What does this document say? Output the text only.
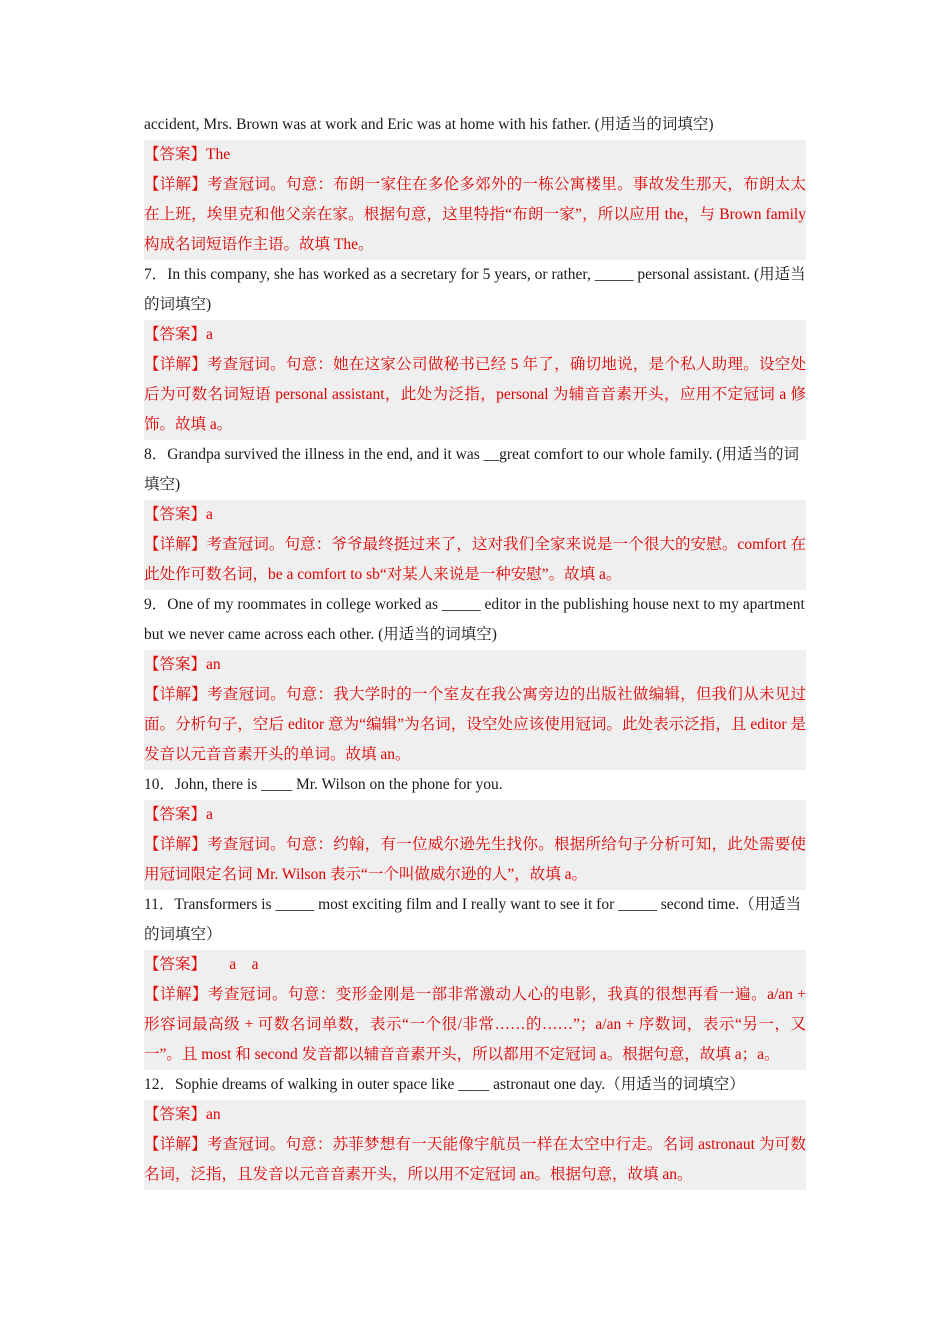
accident, Mrs. Brown was at work and Eric was at home with his father. (用适当的词填空)
【答案】The
【详解】考查冠词。句意：布朗一家住在多伦多郊外的一栋公寓楼里。事故发生那天，布朗太太在上班，埃里克和他父亲在家。根据句意，这里特指“布朗一家”，所以应用 the，与 Brown family 构成名词短语作主语。故填 The。
7．In this company, she has worked as a secretary for 5 years, or rather, _____ personal assistant. (用适当的词填空)
【答案】a
【详解】考查冠词。句意：她在这家公司做秘书已经 5 年了，确切地说，是个私人助理。设空处后为可数名词短语 personal assistant，此处为泛指，personal 为辅音音素开头，应用不定冠词 a 修饰。故填 a。
8．Grandpa survived the illness in the end, and it was __great comfort to our whole family. (用适当的词填空)
【答案】a
【详解】考查冠词。句意：爷爷最终挺过来了，这对我们全家来说是一个很大的安慰。comfort 在此处作可数名词，be a comfort to sb“对某人来说是一种安慰”。故填 a。
9．One of my roommates in college worked as _____ editor in the publishing house next to my apartment but we never came across each other. (用适当的词填空)
【答案】an
【详解】考查冠词。句意：我大学时的一个室友在我公寓旁边的出版社做编辑，但我们从未见过面。分析句子，空后 editor 意为“编辑”为名词，设空处应该使用冠词。此处表示泛指，且 editor 是发音以元音音素开头的单词。故填 an。
10．John, there is ____ Mr. Wilson on the phone for you.
【答案】a
【详解】考查冠词。句意：约翰，有一位威尔逊先生找你。根据所给句子分析可知，此处需要使用冠词限定名词 Mr. Wilson 表示“一个叫做威尔逊的人”，故填 a。
11．Transformers is _____ most exciting film and I really want to see it for _____ second time.（用适当的词填空）
【答案】　　a　a
【详解】考查冠词。句意：变形金刚是一部非常激动人心的电影，我真的很想再看一遍。a/an + 形容词最高级 + 可数名词单数，表示“一个很/非常……的……”；a/an + 序数词，表示“另一，又一”。且 most 和 second 发音都以辅音音素开头，所以都用不定冠词 a。根据句意，故填 a；a。
12．Sophie dreams of walking in outer space like ____ astronaut one day.（用适当的词填空）
【答案】an
【详解】考查冠词。句意：苏菲梦想有一天能像宇航员一样在太空中行走。名词 astronaut 为可数名词，泛指，且发音以元音音素开头，所以用不定冠词 an。根据句意，故填 an。
